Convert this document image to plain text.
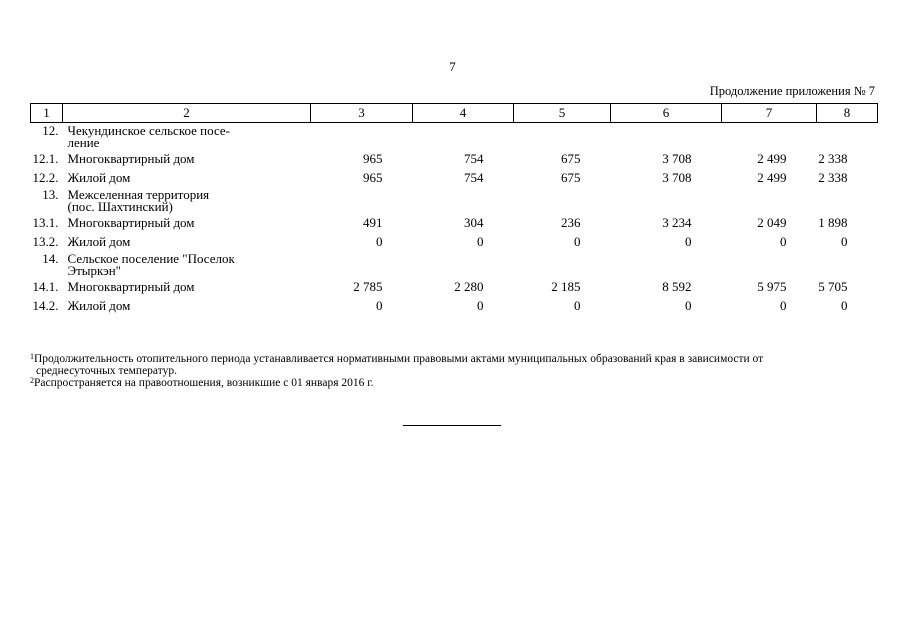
7
Продолжение приложения № 7
1	2	3	4	5	6	7	8
12.	Чекундинское сельское посе-
ление						

12.1.	Многоквартирный дом	965	754	675	3 708	2 499	2 338
12.2.	Жилой дом	965	754	675	3 708	2 499	2 338
13.	Межселенная территория
(пос. Шахтинский)						

13.1.	Многоквартирный дом	491	304	236	3 234	2 049	1 898
13.2.	Жилой дом	0	0	0	0	0	0
14.	Сельское поселение "Поселок
Этыркэн"						

14.1.	Многоквартирный дом	2 785	2 280	2 185	8 592	5 975	5 705
14.2.	Жилой дом	0	0	0	0	0	0

$^1$Продолжительность отопительного периода устанавливается нормативными правовыми актами муниципальных образований края в зависимости от
среднесуточных температур.

$^2$Распространяется на правоотношения, возникшие с 01 января 2016 г.
